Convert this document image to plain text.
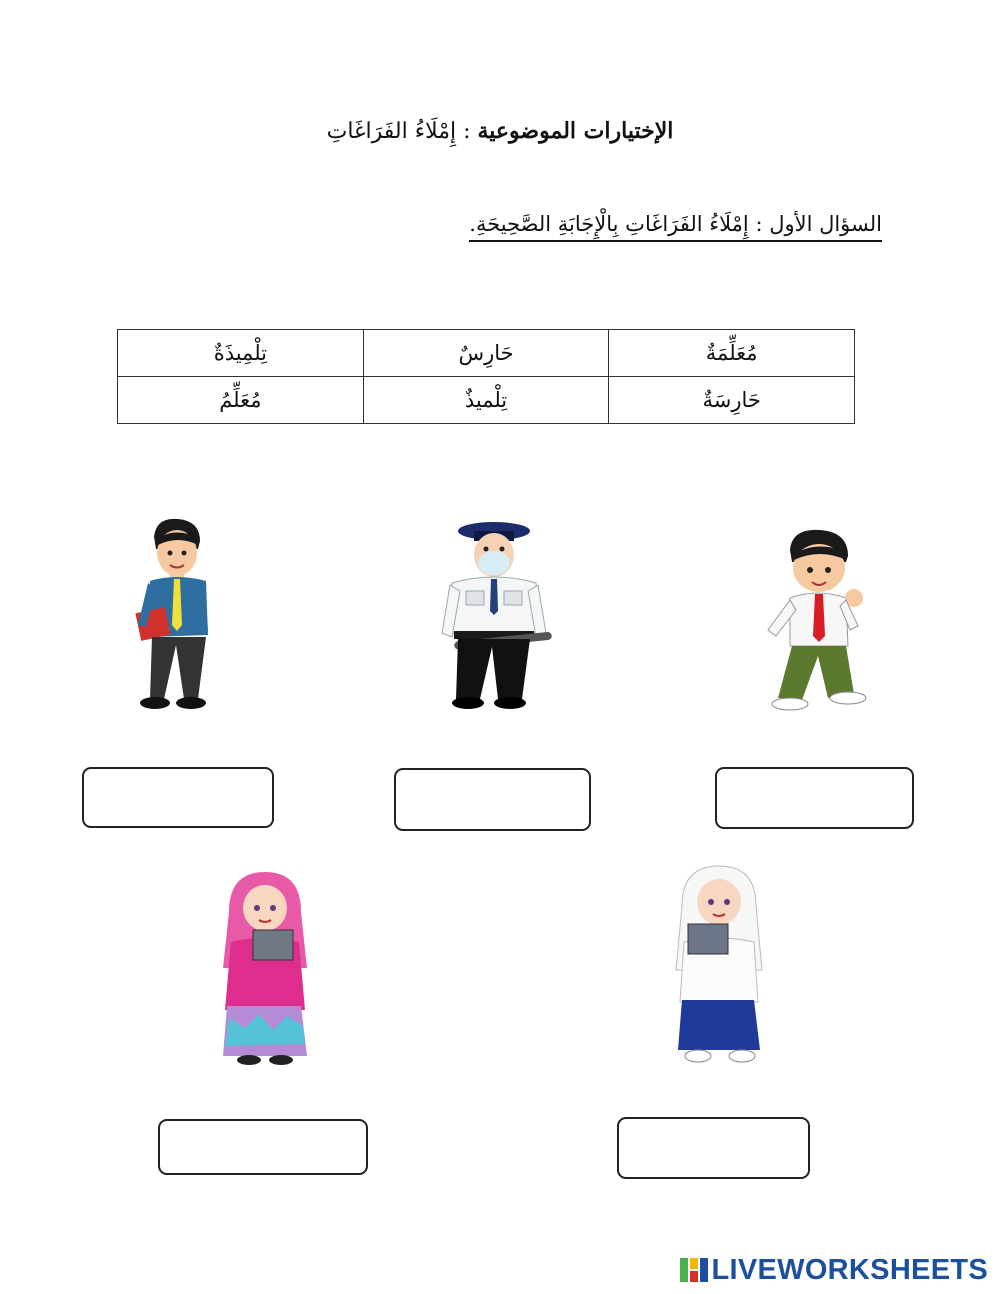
الإختيارات الموضوعية : إِمْلَاءُ الفَرَاغَاتِ
السؤال الأول : إِمْلَاءُ الفَرَاغَاتِ بِالْإِجَابَةِ الصَّحِيحَةِ.
مُعَلِّمَةٌ	حَارِسٌ	تِلْمِيذَةٌ
حَارِسَةٌ	تِلْميذٌ	مُعَلِّمُ
LIVEWORKSHEETS
